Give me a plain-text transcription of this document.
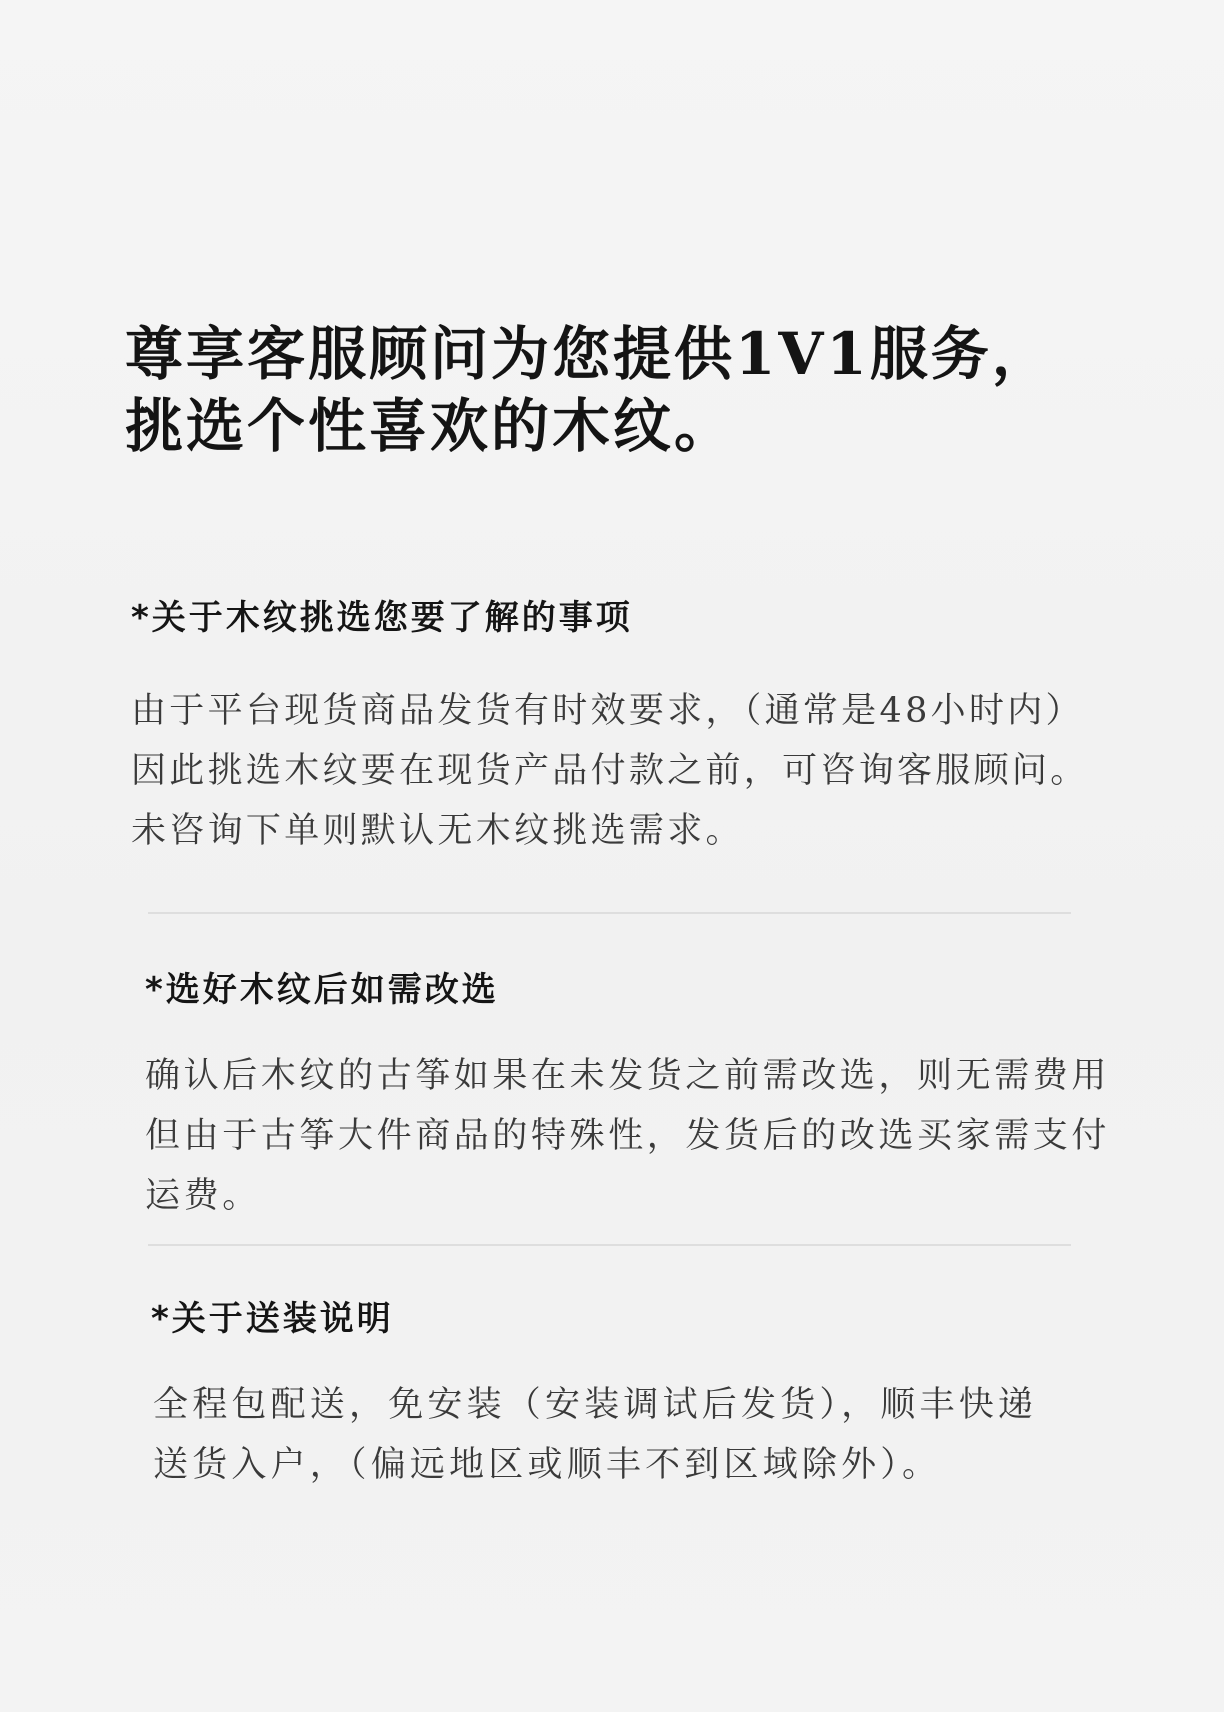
尊享客服顾问为您提供1V1服务，
挑选个性喜欢的木纹。
*关于木纹挑选您要了解的事项
由于平台现货商品发货有时效要求，（通常是48小时内）
因此挑选木纹要在现货产品付款之前，可咨询客服顾问。
未咨询下单则默认无木纹挑选需求。
*选好木纹后如需改选
确认后木纹的古筝如果在未发货之前需改选，则无需费用
但由于古筝大件商品的特殊性，发货后的改选买家需支付
运费。
*关于送装说明
全程包配送，免安装（安装调试后发货），顺丰快递
送货入户，（偏远地区或顺丰不到区域除外）。
